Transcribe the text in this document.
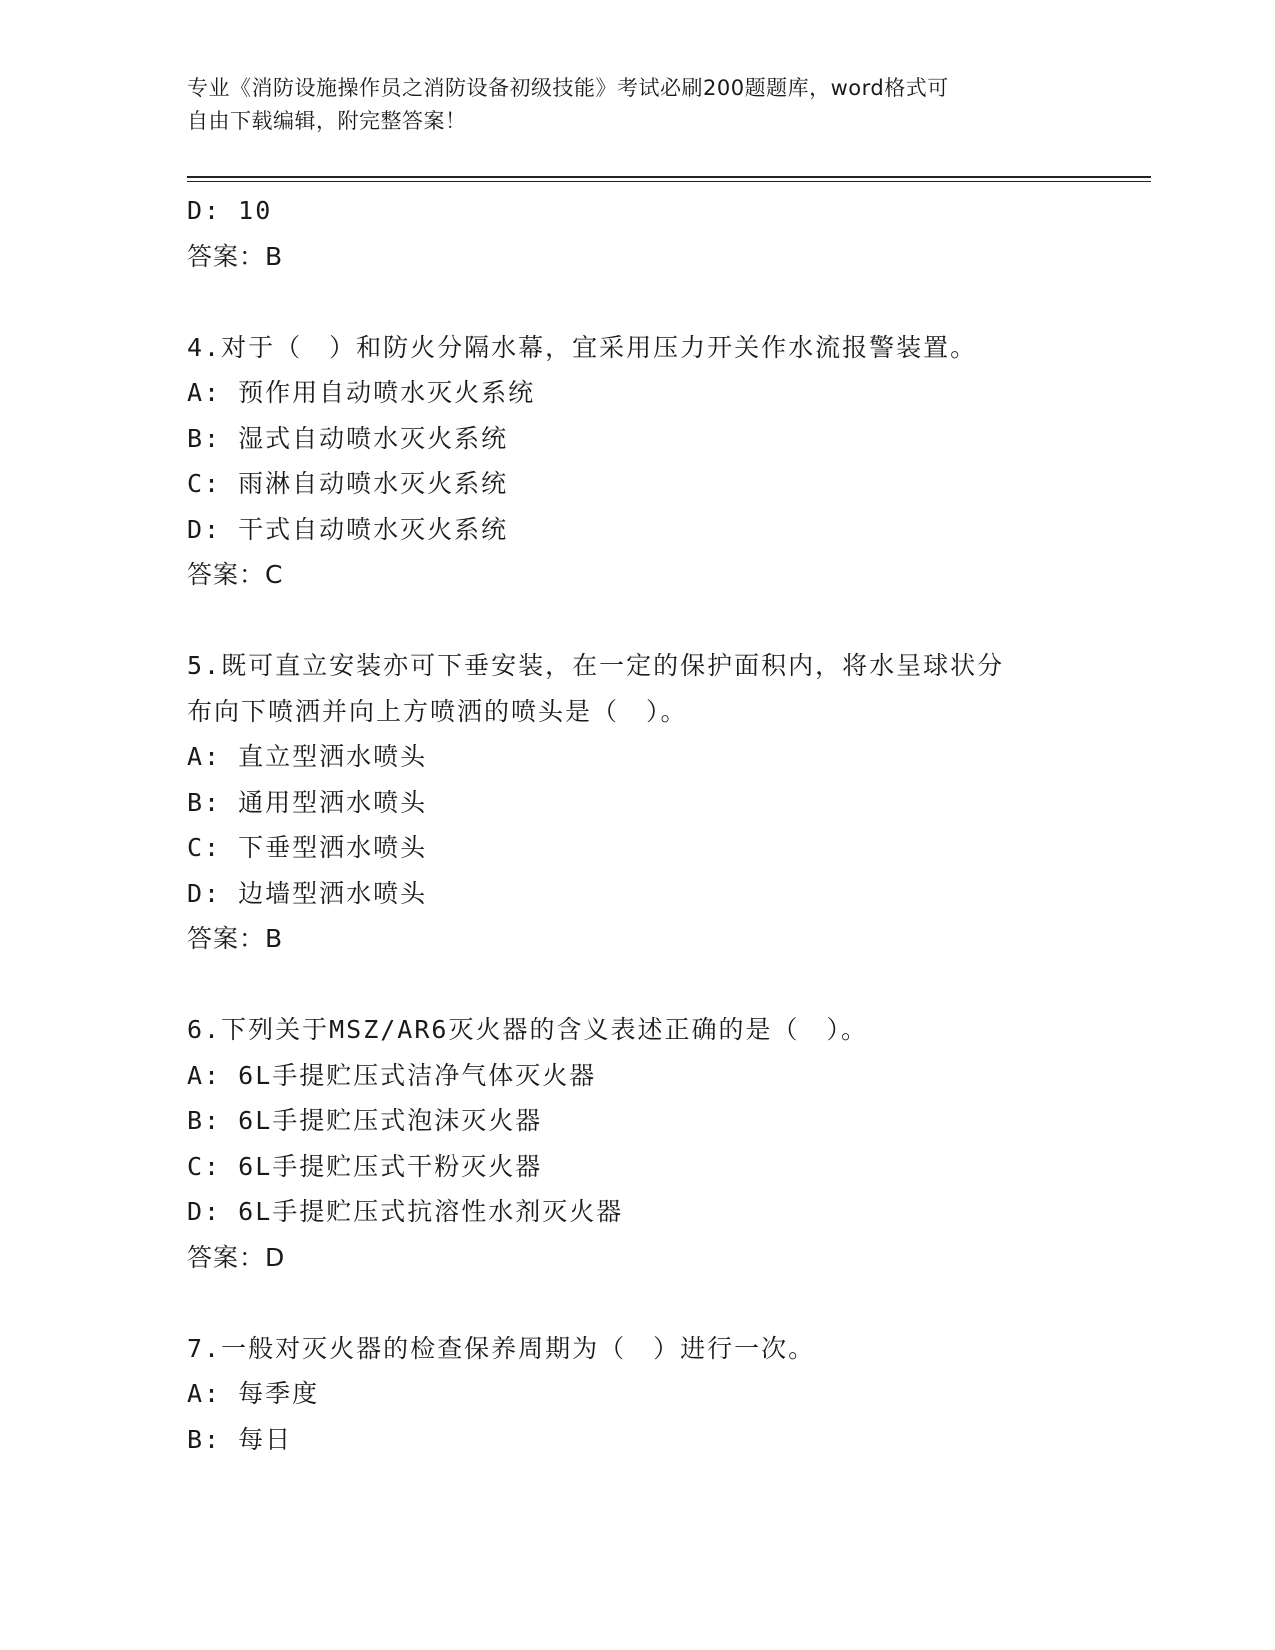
专业《消防设施操作员之消防设备初级技能》考试必刷200题题库，word格式可
自由下载编辑，附完整答案！
D: 10
答案：B
4.对于（　）和防火分隔水幕，宜采用压力开关作水流报警装置。
A: 预作用自动喷水灭火系统
B: 湿式自动喷水灭火系统
C: 雨淋自动喷水灭火系统
D: 干式自动喷水灭火系统
答案：C
5.既可直立安装亦可下垂安装，在一定的保护面积内，将水呈球状分
布向下喷洒并向上方喷洒的喷头是（　）。
A: 直立型洒水喷头
B: 通用型洒水喷头
C: 下垂型洒水喷头
D: 边墙型洒水喷头
答案：B
6.下列关于MSZ/AR6灭火器的含义表述正确的是（　）。
A: 6L手提贮压式洁净气体灭火器
B: 6L手提贮压式泡沫灭火器
C: 6L手提贮压式干粉灭火器
D: 6L手提贮压式抗溶性水剂灭火器
答案：D
7.一般对灭火器的检查保养周期为（　）进行一次。
A: 每季度
B: 每日
